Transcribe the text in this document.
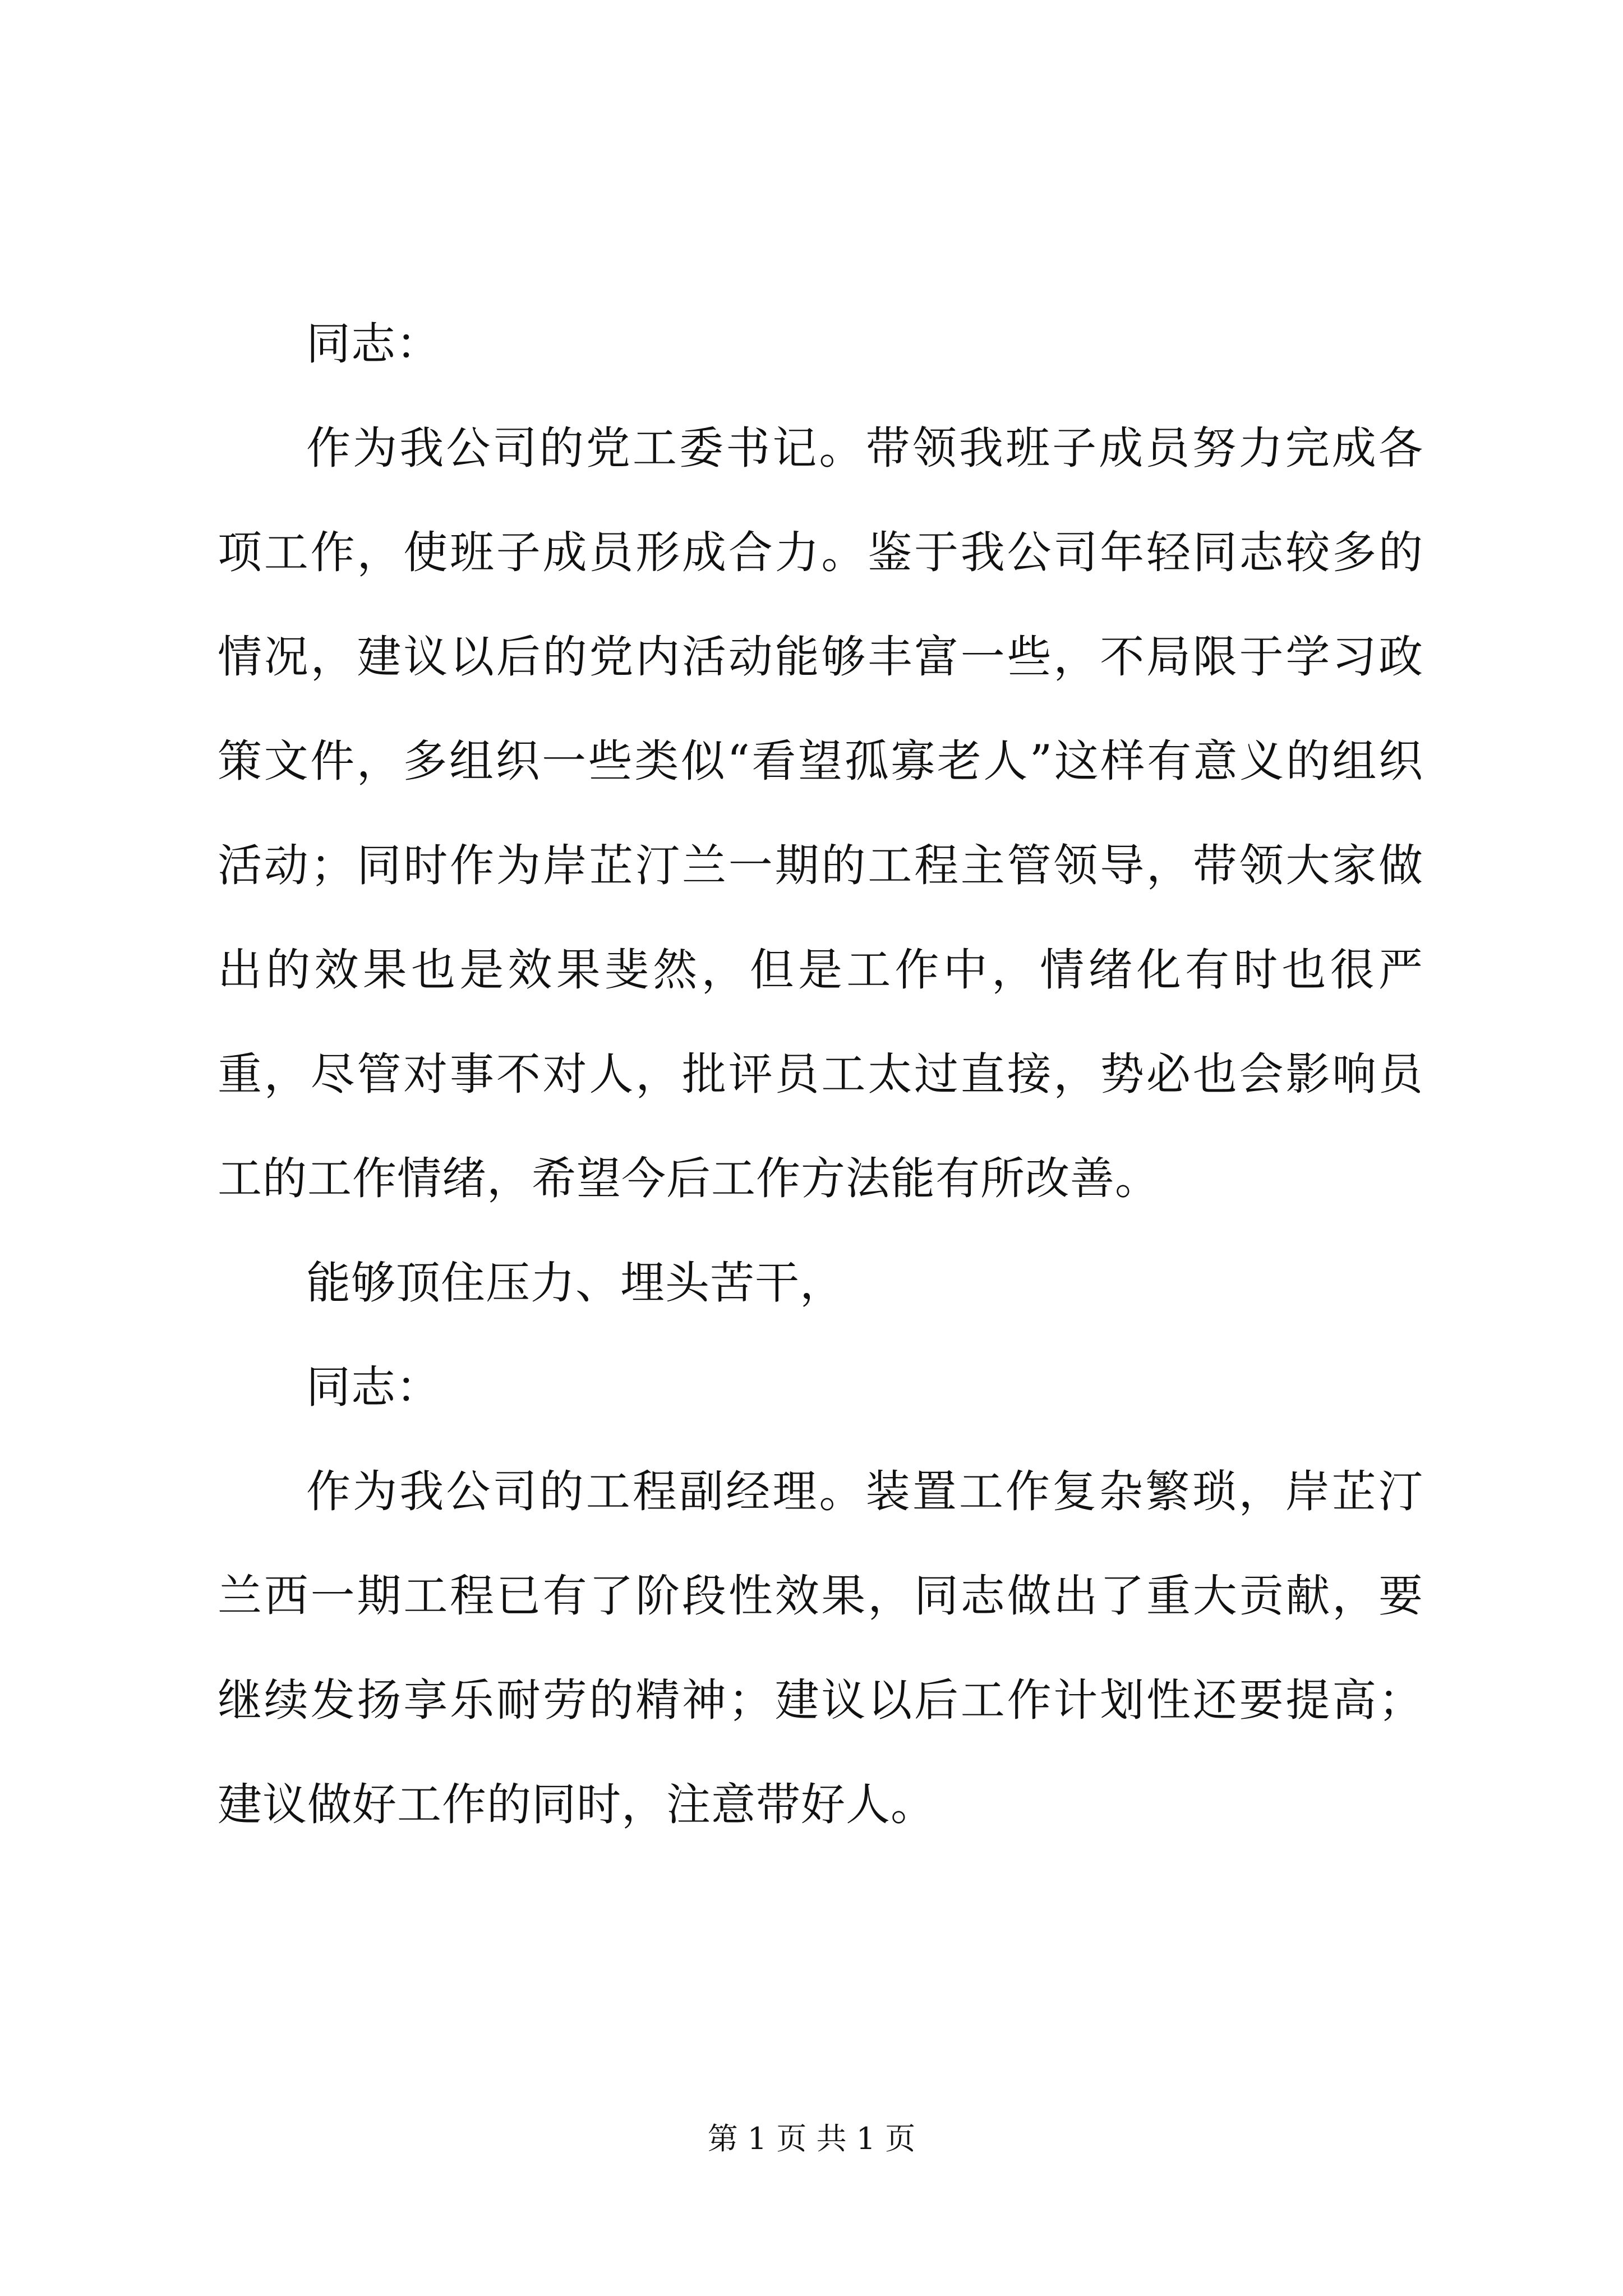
同志：

作为我公司的党工委书记。带领我班子成员努力完成各项工作，使班子成员形成合力。鉴于我公司年轻同志较多的情况，建议以后的党内活动能够丰富一些，不局限于学习政策文件，多组织一些类似“看望孤寡老人”这样有意义的组织活动；同时作为岸芷汀兰一期的工程主管领导，带领大家做出的效果也是效果斐然，但是工作中，情绪化有时也很严重，尽管对事不对人，批评员工太过直接，势必也会影响员工的工作情绪，希望今后工作方法能有所改善。

能够顶住压力、埋头苦干，

同志：

作为我公司的工程副经理。装置工作复杂繁琐，岸芷汀兰西一期工程已有了阶段性效果，同志做出了重大贡献，要继续发扬享乐耐劳的精神；建议以后工作计划性还要提高；建议做好工作的同时，注意带好人。

第 1 页 共 1 页
